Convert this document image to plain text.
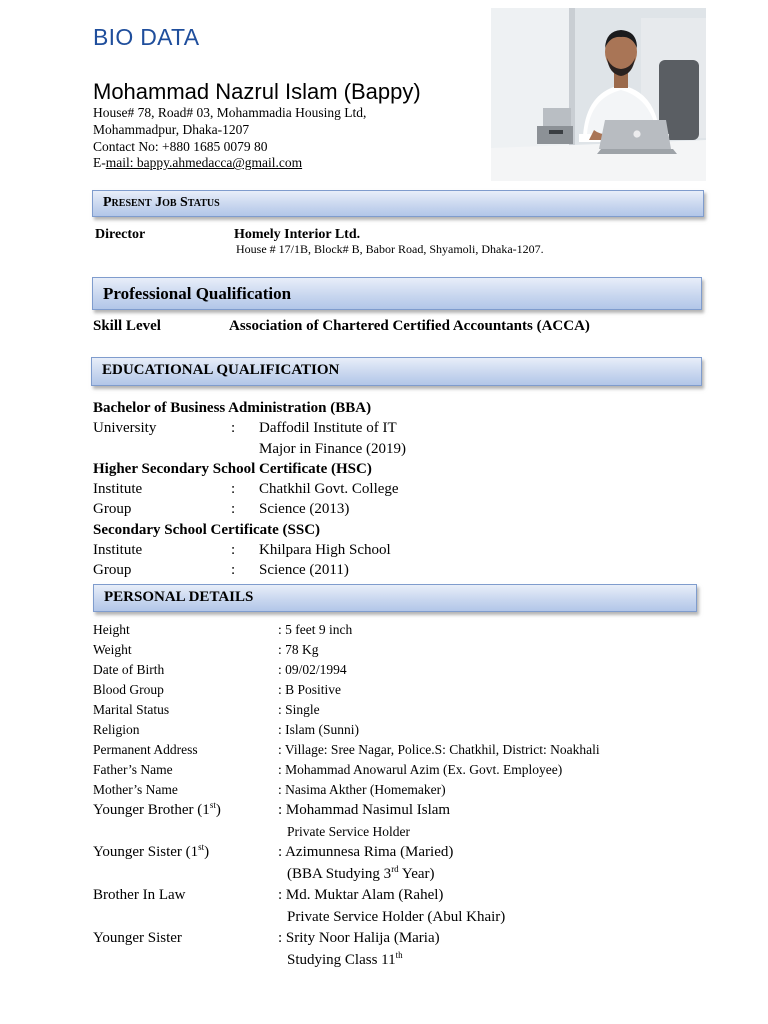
BIO DATA
Mohammad Nazrul Islam (Bappy)
House# 78, Road# 03, Mohammadia Housing Ltd,
Mohammadpur, Dhaka-1207
Contact No: +880 1685 0079 80
E-mail: bappy.ahmedacca@gmail.com
Present Job Status
Director	Homely Interior Ltd.
House # 17/1B, Block# B, Babor Road, Shyamoli, Dhaka-1207.
Professional Qualification
Skill Level	Association of Chartered Certified Accountants (ACCA)
EDUCATIONAL QUALIFICATION
Bachelor of Business Administration (BBA)
University	: Daffodil Institute of IT
Major in Finance (2019)
Higher Secondary School Certificate (HSC)
Institute	: Chatkhil Govt. College
Group	: Science (2013)
Secondary School Certificate (SSC)
Institute	: Khilpara High School
Group	: Science (2011)
PERSONAL DETAILS
Height	: 5 feet 9 inch
Weight	: 78 Kg
Date of Birth	: 09/02/1994
Blood Group	: B Positive
Marital Status	: Single
Religion	: Islam (Sunni)
Permanent Address	: Village: Sree Nagar, Police.S: Chatkhil, District: Noakhali
Father’s Name	: Mohammad Anowarul Azim (Ex. Govt. Employee)
Mother’s Name	: Nasima Akther (Homemaker)
Younger Brother (1st)	: Mohammad Nasimul Islam
Private Service Holder
Younger Sister (1st)	: Azimunnesa Rima (Maried)
(BBA Studying 3rd Year)
Brother In Law	: Md. Muktar Alam (Rahel)
Private Service Holder (Abul Khair)
Younger Sister	: Srity Noor Halija (Maria)
Studying Class 11th
